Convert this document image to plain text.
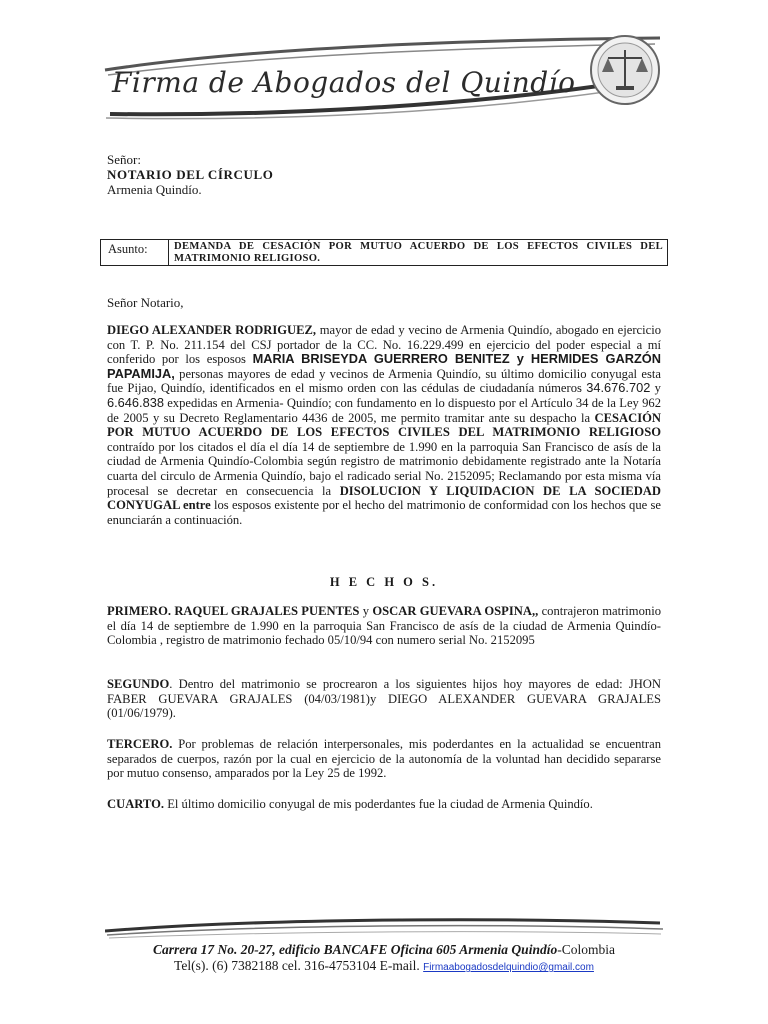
Firma de Abogados del Quindío
Señor:
NOTARIO DEL CÍRCULO
Armenia Quindío.
Asunto:	DEMANDA DE CESACIÓN POR MUTUO ACUERDO DE LOS EFECTOS CIVILES DEL MATRIMONIO RELIGIOSO.
Señor Notario,
DIEGO ALEXANDER RODRIGUEZ, mayor de edad y vecino de Armenia Quindío, abogado en ejercicio con T. P. No. 211.154 del CSJ portador de la CC. No. 16.229.499 en ejercicio del poder especial a mí conferido por los esposos MARIA BRISEYDA GUERRERO BENITEZ y HERMIDES GARZÓN PAPAMIJA, personas mayores de edad y vecinos de Armenia Quindío, su último domicilio conyugal esta fue Pijao, Quindío, identificados en el mismo orden con las cédulas de ciudadanía números 34.676.702 y 6.646.838 expedidas en Armenia- Quindío; con fundamento en lo dispuesto por el Artículo 34 de la Ley 962 de 2005 y su Decreto Reglamentario 4436 de 2005, me permito tramitar ante su despacho la CESACIÓN POR MUTUO ACUERDO DE LOS EFECTOS CIVILES DEL MATRIMONIO RELIGIOSO contraído por los citados el día el día 14 de septiembre de 1.990 en la parroquia San Francisco de asís de la ciudad de Armenia Quindío-Colombia según registro de matrimonio debidamente registrado ante la Notaría cuarta del circulo de Armenia Quindío, bajo el radicado serial No. 2152095; Reclamando por esta misma vía procesal se decretar en consecuencia la DISOLUCION Y LIQUIDACION DE LA SOCIEDAD CONYUGAL entre los esposos existente por el hecho del matrimonio de conformidad con los hechos que se enunciarán a continuación.
H E C H O S.
PRIMERO. RAQUEL GRAJALES PUENTES y OSCAR GUEVARA OSPINA,, contrajeron matrimonio el día 14 de septiembre de 1.990 en la parroquia San Francisco de asís de la ciudad de Armenia Quindío-Colombia , registro de matrimonio fechado 05/10/94 con numero serial No. 2152095
SEGUNDO. Dentro del matrimonio se procrearon a los siguientes hijos hoy mayores de edad: JHON FABER GUEVARA GRAJALES (04/03/1981)y DIEGO ALEXANDER GUEVARA GRAJALES (01/06/1979).
TERCERO. Por problemas de relación interpersonales, mis poderdantes en la actualidad se encuentran separados de cuerpos, razón por la cual en ejercicio de la autonomía de la voluntad han decidido separarse por mutuo consenso, amparados por la Ley 25 de 1992.
CUARTO. El último domicilio conyugal de mis poderdantes fue la ciudad de Armenia Quindío.
Carrera 17 No. 20-27, edificio BANCAFE Oficina 605 Armenia Quindío-Colombia
Tel(s). (6) 7382188 cel. 316-4753104 E-mail. Firmaabogadosdelquindio@gmail.com
